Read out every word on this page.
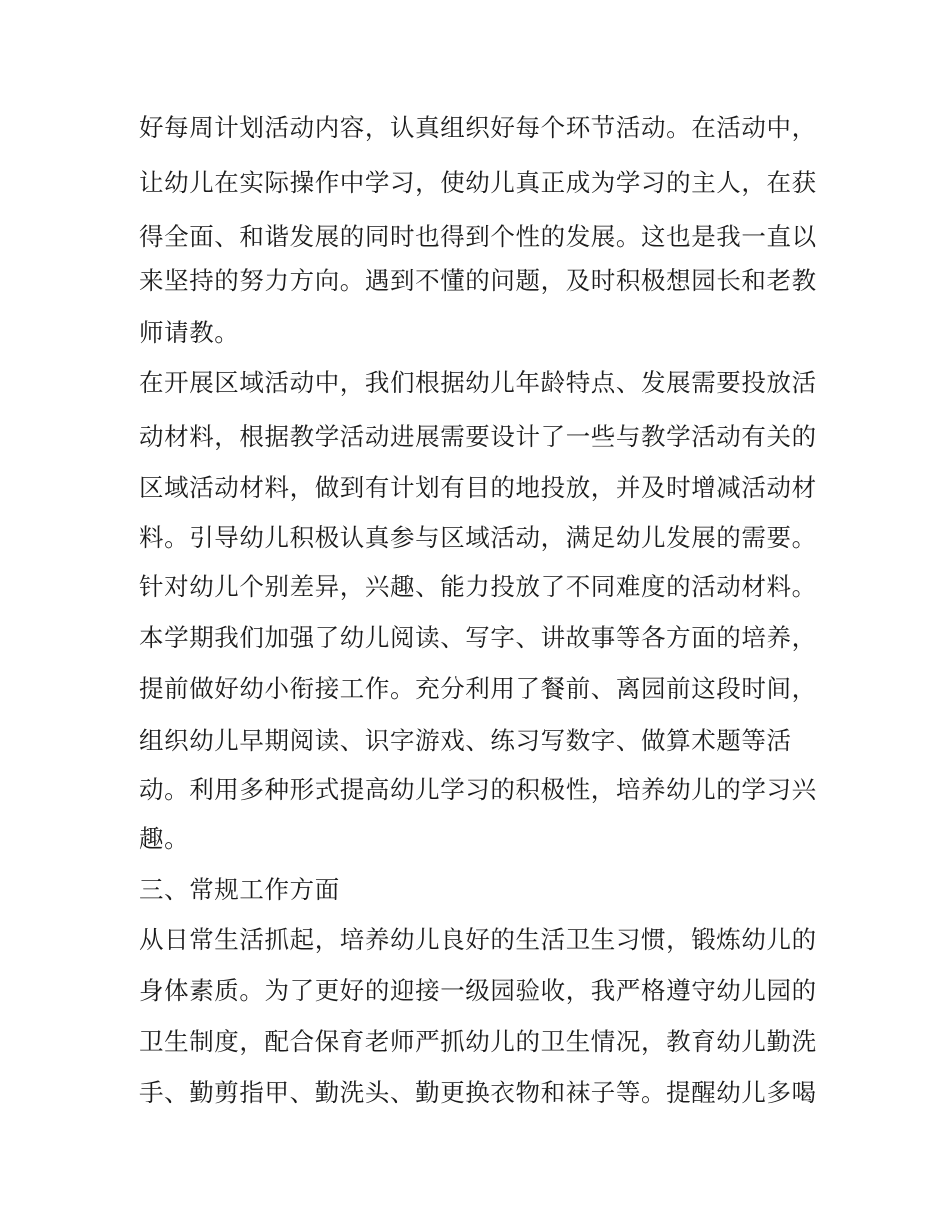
好每周计划活动内容，认真组织好每个环节活动。在活动中，
让幼儿在实际操作中学习，使幼儿真正成为学习的主人，在获
得全面、和谐发展的同时也得到个性的发展。这也是我一直以
来坚持的努力方向。遇到不懂的问题，及时积极想园长和老教
师请教。
在开展区域活动中，我们根据幼儿年龄特点、发展需要投放活
动材料，根据教学活动进展需要设计了一些与教学活动有关的
区域活动材料，做到有计划有目的地投放，并及时增减活动材
料。引导幼儿积极认真参与区域活动，满足幼儿发展的需要。
针对幼儿个别差异，兴趣、能力投放了不同难度的活动材料。
本学期我们加强了幼儿阅读、写字、讲故事等各方面的培养，
提前做好幼小衔接工作。充分利用了餐前、离园前这段时间，
组织幼儿早期阅读、识字游戏、练习写数字、做算术题等活
动。利用多种形式提高幼儿学习的积极性，培养幼儿的学习兴
趣。
三、常规工作方面
从日常生活抓起，培养幼儿良好的生活卫生习惯，锻炼幼儿的
身体素质。为了更好的迎接一级园验收，我严格遵守幼儿园的
卫生制度，配合保育老师严抓幼儿的卫生情况，教育幼儿勤洗
手、勤剪指甲、勤洗头、勤更换衣物和袜子等。提醒幼儿多喝
